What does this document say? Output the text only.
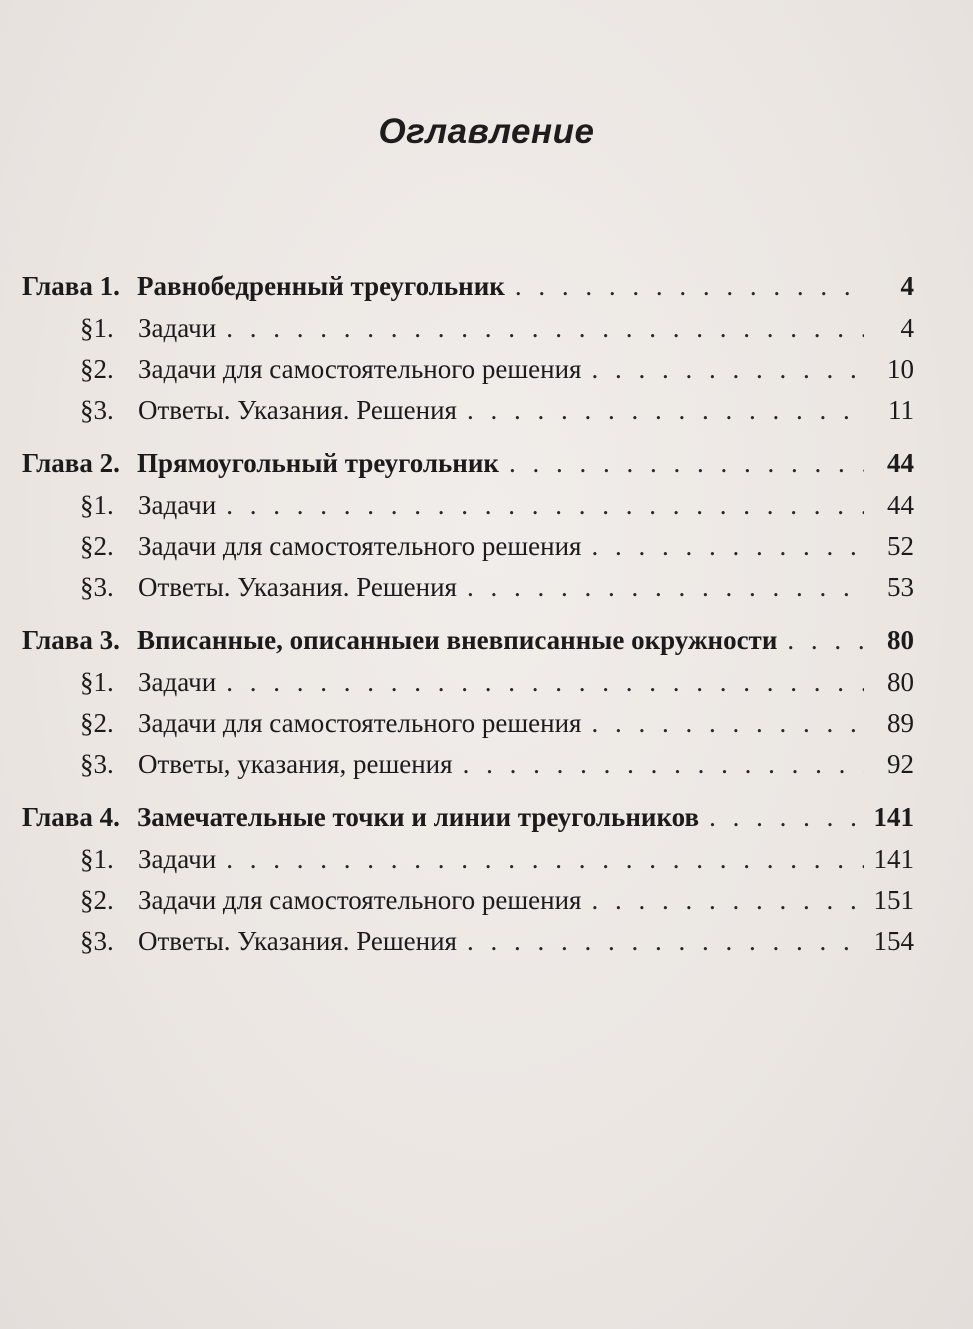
Оглавление
Глава 1. Равнобедренный треугольник . . .	4
§1. Задачи . . .	4
§2. Задачи для самостоятельного решения . . .	10
§3. Ответы. Указания. Решения . . .	11
Глава 2. Прямоугольный треугольник . . .	44
§1. Задачи . . .	44
§2. Задачи для самостоятельного решения . . .	52
§3. Ответы. Указания. Решения . . .	53
Глава 3. Вписанные, описанныеи вневписанные окружности . . .	80
§1. Задачи . . .	80
§2. Задачи для самостоятельного решения . . .	89
§3. Ответы, указания, решения . . .	92
Глава 4. Замечательные точки и линии треугольников . . .	141
§1. Задачи . . .	141
§2. Задачи для самостоятельного решения . . .	151
§3. Ответы. Указания. Решения . . .	154
